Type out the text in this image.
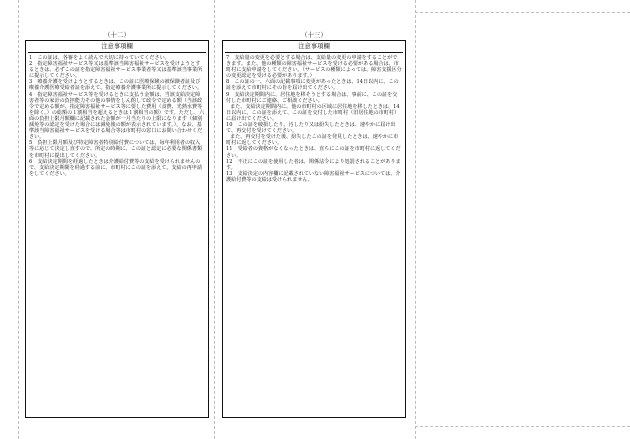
（十二）
注意事項欄

1　この証は、各審をよく読んで大切に持っていてください。

2　指定障害福祉サービス等又は基準該当障害福祉サービスを受けようとするときは、必ずこの証を指定障害福祉サービス事業者等又は基準該当事業所に提示してください。

3　療養介護を受けようとするときは、この証に医療保険の被保険者証及び療養介護医療受給者証を添えて、指定療養介護事業所に提示してください。

4　指定障害福祉サービス等を受けるときに支払う金額は、当該支給決定障害者等の家計の負担能力その他の事情をしん酌して政令で定める額（当該政令で定める額が、指定障害福祉サービス等に要した費用（食費、光熱水費等を除く。）の総額の１割相当を超えるときは１割相当の額）です。ただし、六面の負担上限月額欄に記載された金額が一月当たりの上限になります（個別減免等の認定を受けた場合には減免後の額が表示されています。）。なお、基準該当障害福祉サービスを受ける場合等は市町村の窓口にお問い合わせください。

5　負担上限月額及び特定障害者特別給付費については、毎年利用者の収入等に応じて決定し直すので、所定の時期に、この証と認定に必要な関係書類を市町村に提出してください。

6　支給決定期間を経過したときは介護給付費等の支給を受けられませんので、支給決定期間を経過する前に、市町村にこの証を添えて、支給の再申請をしてください。

（十三）
注意事項欄

7　支給量の変更を必要とする場合は、支給量の変更の申請をすることができます。また、他の種類の障害福祉サービスを受ける必要がある場合は、市町村に支給申請をしてください。（サービスの種類によっては、障害支援区分の変更認定を受ける必要があります。）

8　この証の一、六面の記載事項に変更があったときは、14日以内に、この証を添えて市町村にその旨を届け出てください。

9　支給決定期間内に、居住地を移そうとする場合は、事前に、この証を交付した市町村にご連絡、ご相談ください。

また、支給決定期間内に、他の市町村の区域に居住地を移したときは、14日以内に、この証を添えて、この証を交付した市町村（旧居住地の市町村）に届け出てください。

10　この証を破損したり、汚したり又は紛失したときは、速やかに届け出て、再交付を受けてください。

また、再交付を受けた後、紛失したこの証を発見したときは、速やかに市町村に返してください。

11　受給者の資格がなくなったときは、直ちにこの証を市町村に返してください。

12　不正にこの証を使用した者は、関係法令により処罰されることがあります。

13　支給決定の内容欄に記載されていない障害福祉サービスについては、介護給付費等の支給は受けられません。
